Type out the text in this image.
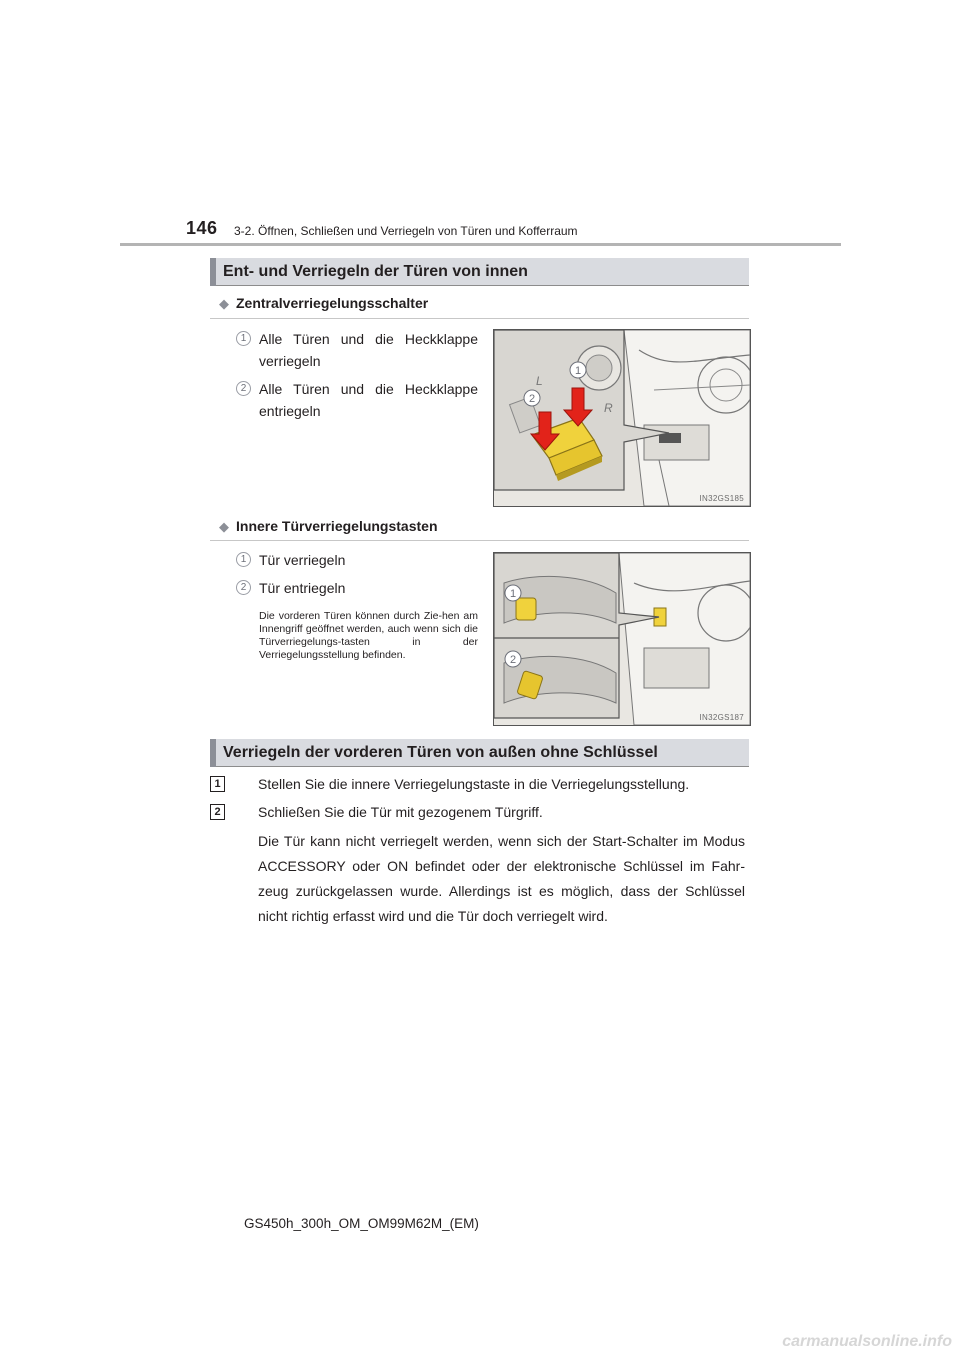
146 3-2. Öffnen, Schließen und Verriegeln von Türen und Kofferraum
Ent- und Verriegeln der Türen von innen
◆ Zentralverriegelungsschalter
1 Alle Türen und die Heckklappe verriegeln
2 Alle Türen und die Heckklappe entriegeln
L
R
1
2
IN32GS185
◆ Innere Türverriegelungstasten
1 Tür verriegeln
2 Tür entriegeln
Die vorderen Türen können durch Zie-hen am Innengriff geöffnet werden, auch wenn sich die Türverriegelungs-tasten in der Verriegelungsstellung befinden.
1
2
IN32GS187
Verriegeln der vorderen Türen von außen ohne Schlüssel
1	Stellen Sie die innere Verriegelungstaste in die Verriegelungsstellung.
2	Schließen Sie die Tür mit gezogenem Türgriff.
Die Tür kann nicht verriegelt werden, wenn sich der Start-Schalter im Modus ACCESSORY oder ON befindet oder der elektronische Schlüssel im Fahr-zeug zurückgelassen wurde. Allerdings ist es möglich, dass der Schlüssel nicht richtig erfasst wird und die Tür doch verriegelt wird.
GS450h_300h_OM_OM99M62M_(EM)
carmanualsonline.info
